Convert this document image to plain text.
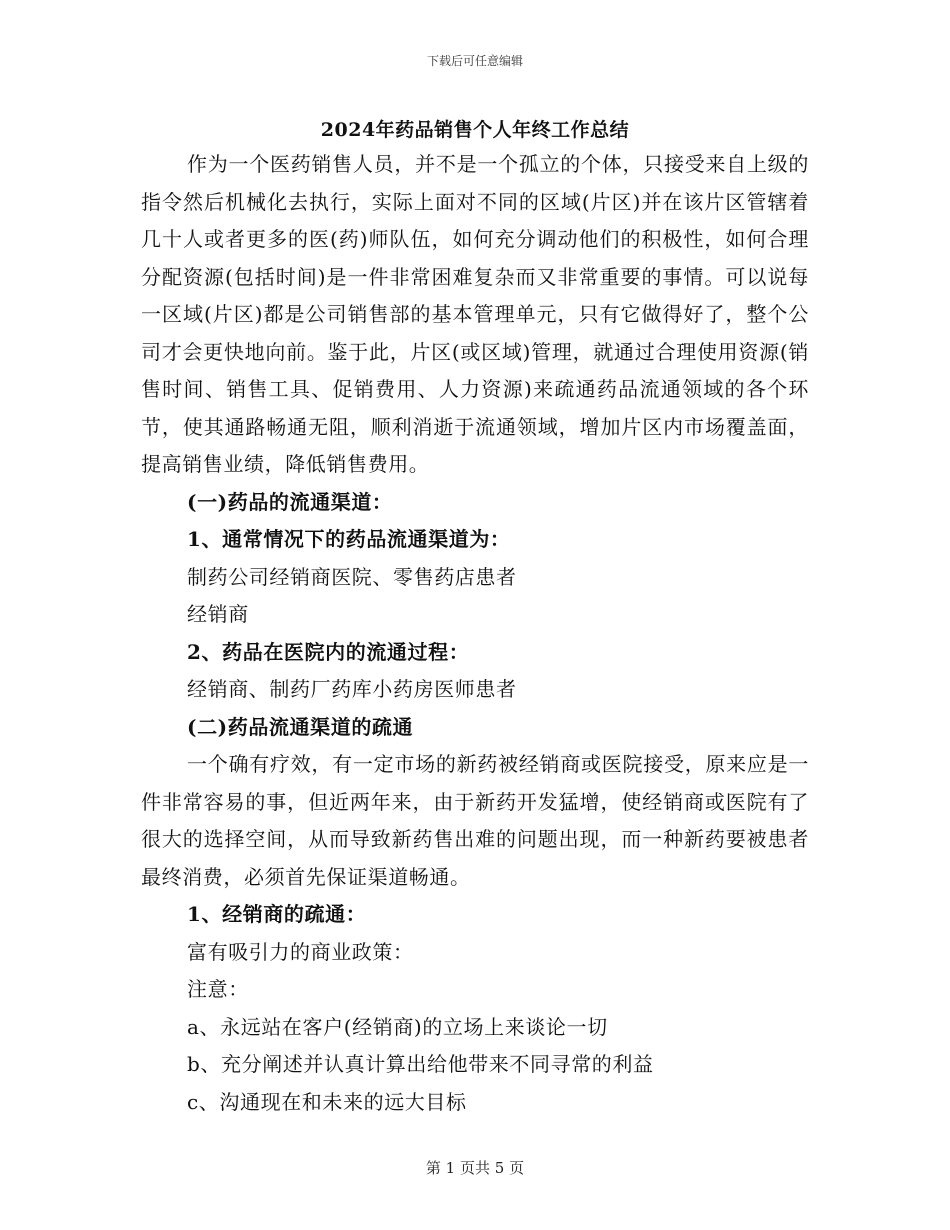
下载后可任意编辑
2024年药品销售个人年终工作总结

作为一个医药销售人员，并不是一个孤立的个体，只接受来自上级的指令然后机械化去执行，实际上面对不同的区域(片区)并在该片区管辖着几十人或者更多的医(药)师队伍，如何充分调动他们的积极性，如何合理分配资源(包括时间)是一件非常困难复杂而又非常重要的事情。可以说每一区域(片区)都是公司销售部的基本管理单元，只有它做得好了，整个公司才会更快地向前。鉴于此，片区(或区域)管理，就通过合理使用资源(销售时间、销售工具、促销费用、人力资源)来疏通药品流通领域的各个环节，使其通路畅通无阻，顺利消逝于流通领域，增加片区内市场覆盖面，提高销售业绩，降低销售费用。

(一)药品的流通渠道：

1、通常情况下的药品流通渠道为：

制药公司经销商医院、零售药店患者

经销商

2、药品在医院内的流通过程：

经销商、制药厂药库小药房医师患者

(二)药品流通渠道的疏通

一个确有疗效，有一定市场的新药被经销商或医院接受，原来应是一件非常容易的事，但近两年来，由于新药开发猛增，使经销商或医院有了很大的选择空间，从而导致新药售出难的问题出现，而一种新药要被患者最终消费，必须首先保证渠道畅通。

1、经销商的疏通：

富有吸引力的商业政策：

注意：

a、永远站在客户(经销商)的立场上来谈论一切

b、充分阐述并认真计算出给他带来不同寻常的利益

c、沟通现在和未来的远大目标

第 1 页共 5 页
